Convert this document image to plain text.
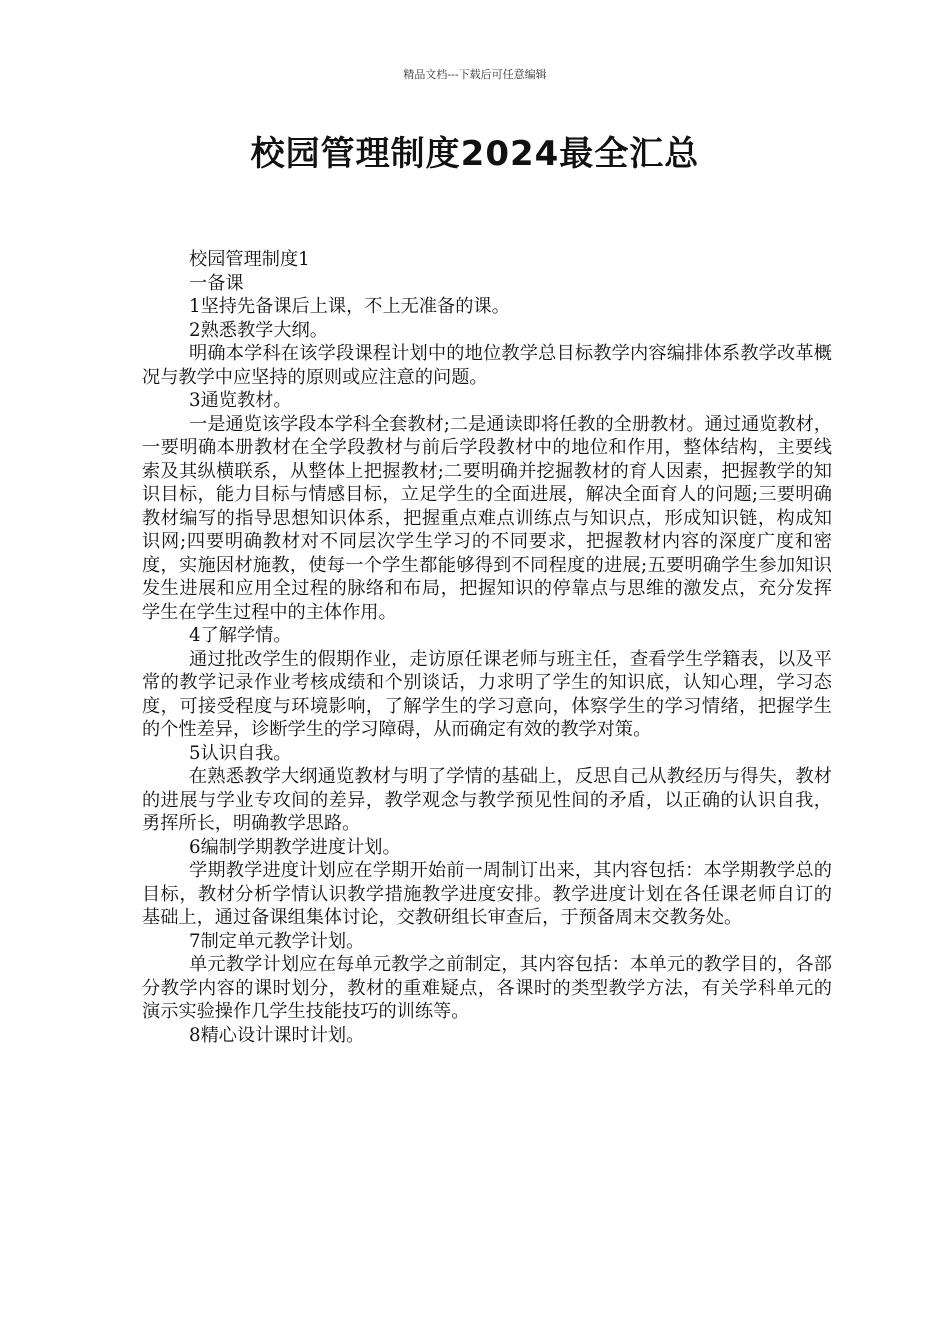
精品文档---下载后可任意编辑
校园管理制度2024最全汇总

校园管理制度1

一备课

1坚持先备课后上课，不上无准备的课。

2熟悉教学大纲。

明确本学科在该学段课程计划中的地位教学总目标教学内容编排体系教学改革概况与教学中应坚持的原则或应注意的问题。

3通览教材。

一是通览该学段本学科全套教材;二是通读即将任教的全册教材。通过通览教材，一要明确本册教材在全学段教材与前后学段教材中的地位和作用，整体结构，主要线索及其纵横联系，从整体上把握教材;二要明确并挖掘教材的育人因素，把握教学的知识目标，能力目标与情感目标，立足学生的全面进展，解决全面育人的问题;三要明确教材编写的指导思想知识体系，把握重点难点训练点与知识点，形成知识链，构成知识网;四要明确教材对不同层次学生学习的不同要求，把握教材内容的深度广度和密度，实施因材施教，使每一个学生都能够得到不同程度的进展;五要明确学生参加知识发生进展和应用全过程的脉络和布局，把握知识的停靠点与思维的激发点，充分发挥学生在学生过程中的主体作用。

4了解学情。

通过批改学生的假期作业，走访原任课老师与班主任，查看学生学籍表，以及平常的教学记录作业考核成绩和个别谈话，力求明了学生的知识底，认知心理，学习态度，可接受程度与环境影响，了解学生的学习意向，体察学生的学习情绪，把握学生的个性差异，诊断学生的学习障碍，从而确定有效的教学对策。

5认识自我。

在熟悉教学大纲通览教材与明了学情的基础上，反思自己从教经历与得失，教材的进展与学业专攻间的差异，教学观念与教学预见性间的矛盾，以正确的认识自我，勇挥所长，明确教学思路。

6编制学期教学进度计划。

学期教学进度计划应在学期开始前一周制订出来，其内容包括：本学期教学总的目标，教材分析学情认识教学措施教学进度安排。教学进度计划在各任课老师自订的基础上，通过备课组集体讨论，交教研组长审查后，于预备周末交教务处。

7制定单元教学计划。

单元教学计划应在每单元教学之前制定，其内容包括：本单元的教学目的，各部分教学内容的课时划分，教材的重难疑点，各课时的类型教学方法，有关学科单元的演示实验操作几学生技能技巧的训练等。

8精心设计课时计划。
